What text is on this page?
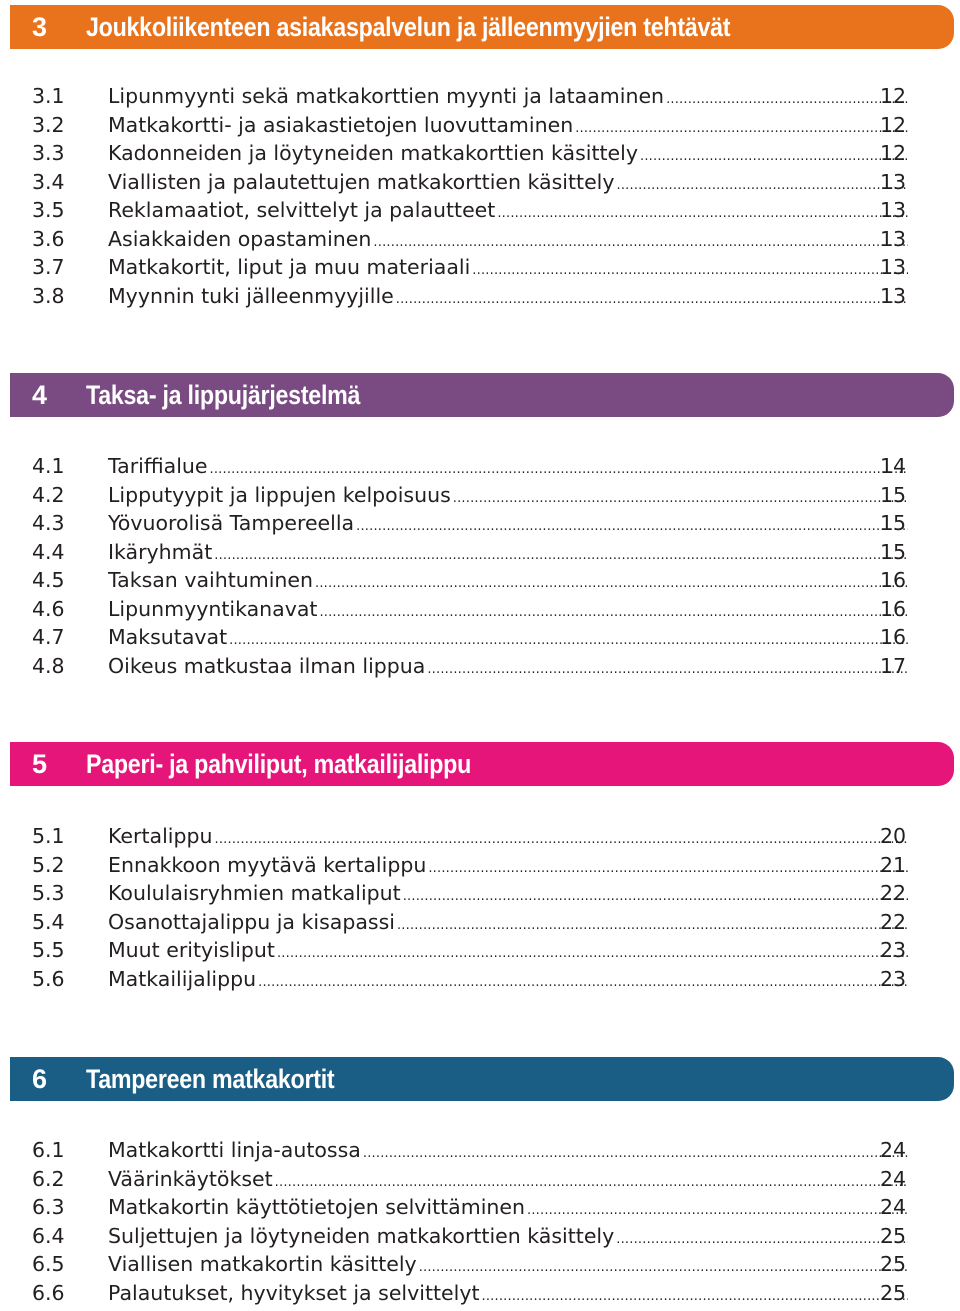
3 Joukkoliikenteen asiakaspalvelun ja jälleenmyyjien tehtävät
3.1 Lipunmyynti sekä matkakorttien myynti ja lataaminen .....	12
3.2 Matkakortti- ja asiakastietojen luovuttaminen .....	12
3.3 Kadonneiden ja löytyneiden matkakorttien käsittely .....	12
3.4 Viallisten ja palautettujen matkakorttien käsittely .....	13
3.5 Reklamaatiot, selvittelyt ja palautteet .....	13
3.6 Asiakkaiden opastaminen .....	13
3.7 Matkakortit, liput ja muu materiaali .....	13
3.8 Myynnin tuki jälleenmyyjille .....	13
4 Taksa- ja lippujärjestelmä
4.1 Tariffialue .....	14
4.2 Lipputyypit ja lippujen kelpoisuus .....	15
4.3 Yövuorolisä Tampereella .....	15
4.4 Ikäryhmät .....	15
4.5 Taksan vaihtuminen .....	16
4.6 Lipunmyyntikanavat .....	16
4.7 Maksutavat .....	16
4.8 Oikeus matkustaa ilman lippua .....	17
5 Paperi- ja pahviliput, matkailijalippu
5.1 Kertalippu .....	20
5.2 Ennakkoon myytävä kertalippu .....	21
5.3 Koululaisryhmien matkaliput .....	22
5.4 Osanottajalippu ja kisapassi .....	22
5.5 Muut erityisliput .....	23
5.6 Matkailijalippu .....	23
6 Tampereen matkakortit
6.1 Matkakortti linja-autossa .....	24
6.2 Väärinkäytökset .....	24
6.3 Matkakortin käyttötietojen selvittäminen .....	24
6.4 Suljettujen ja löytyneiden matkakorttien käsittely .....	25
6.5 Viallisen matkakortin käsittely .....	25
6.6 Palautukset, hyvitykset ja selvittelyt .....	25
